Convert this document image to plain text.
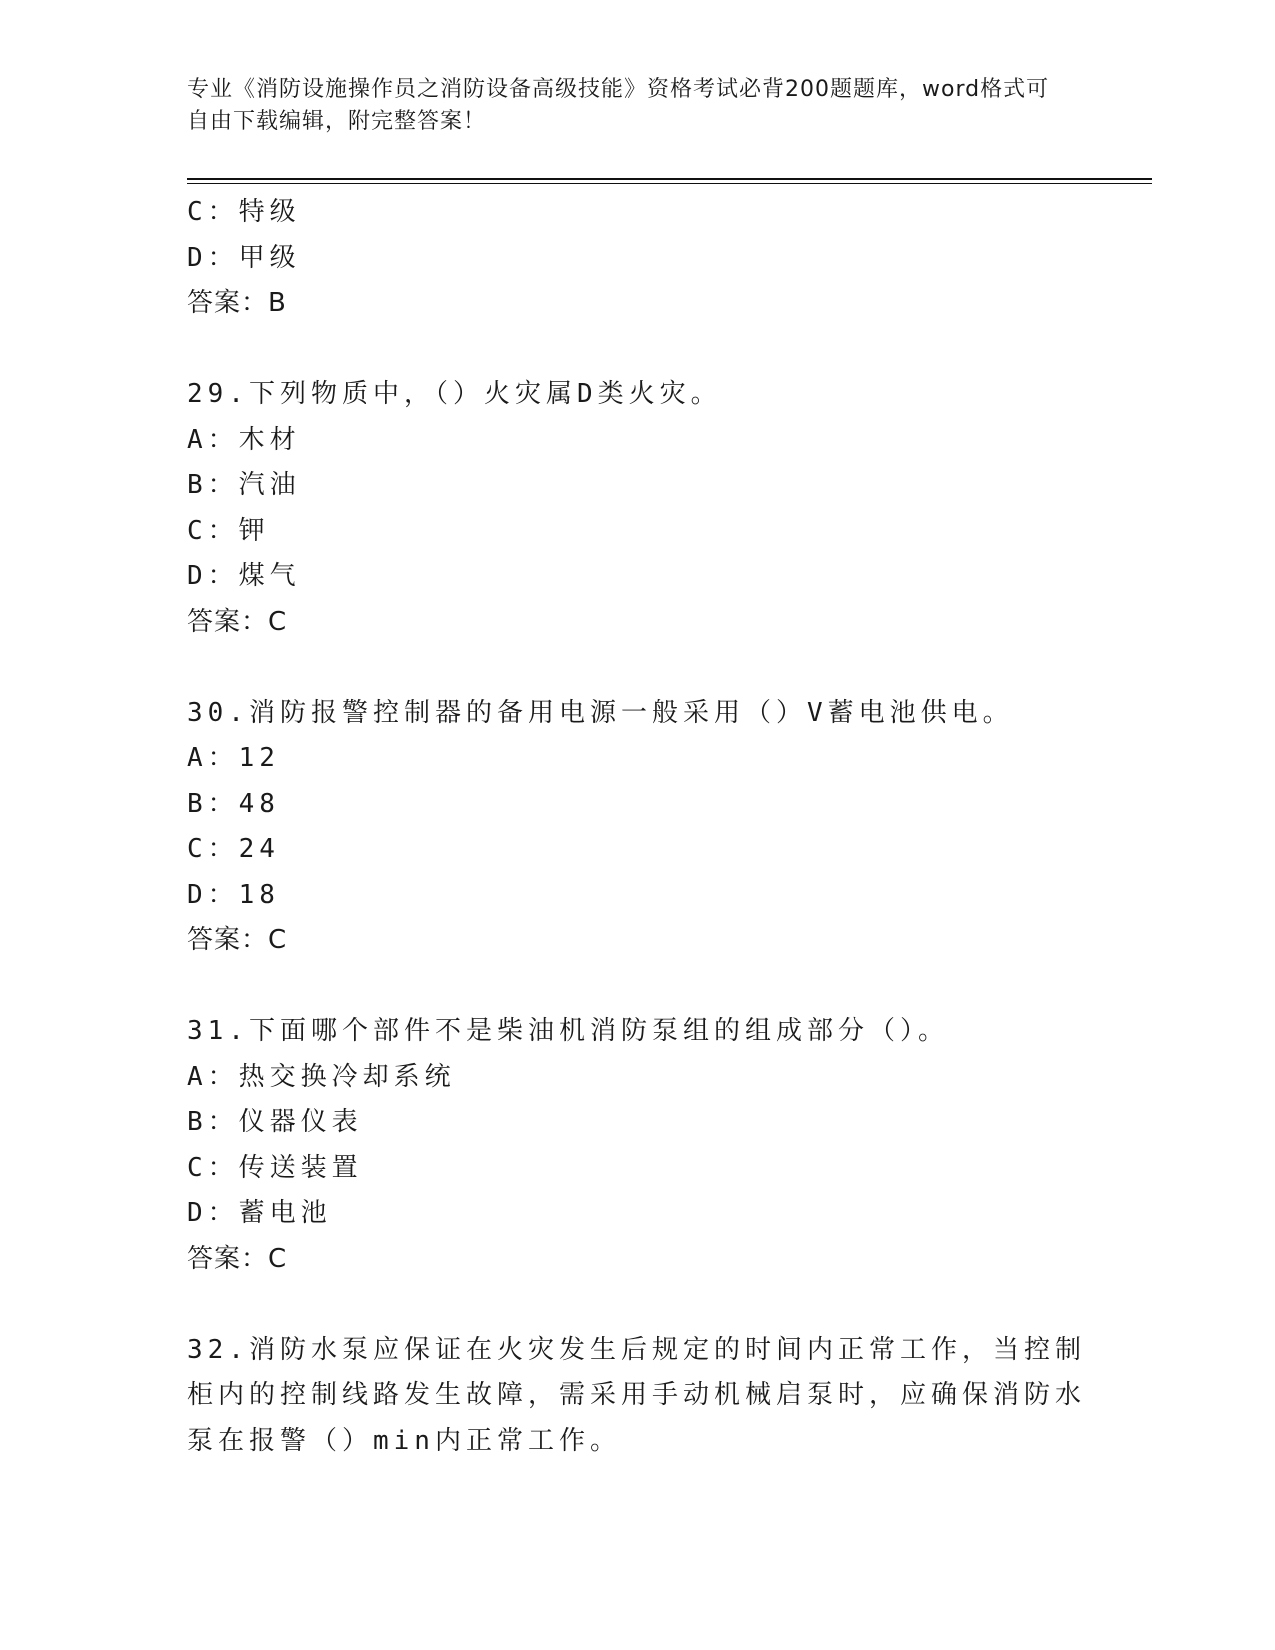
专业《消防设施操作员之消防设备高级技能》资格考试必背200题题库，word格式可自由下载编辑，附完整答案！
C：特级
D：甲级
答案：B
29.下列物质中，（）火灾属D类火灾。
A：木材
B：汽油
C：钾
D：煤气
答案：C
30.消防报警控制器的备用电源一般采用（）V蓄电池供电。
A：12
B：48
C：24
D：18
答案：C
31.下面哪个部件不是柴油机消防泵组的组成部分（）。
A：热交换冷却系统
B：仪器仪表
C：传送装置
D：蓄电池
答案：C
32.消防水泵应保证在火灾发生后规定的时间内正常工作，当控制柜内的控制线路发生故障，需采用手动机械启泵时，应确保消防水泵在报警（）min内正常工作。
